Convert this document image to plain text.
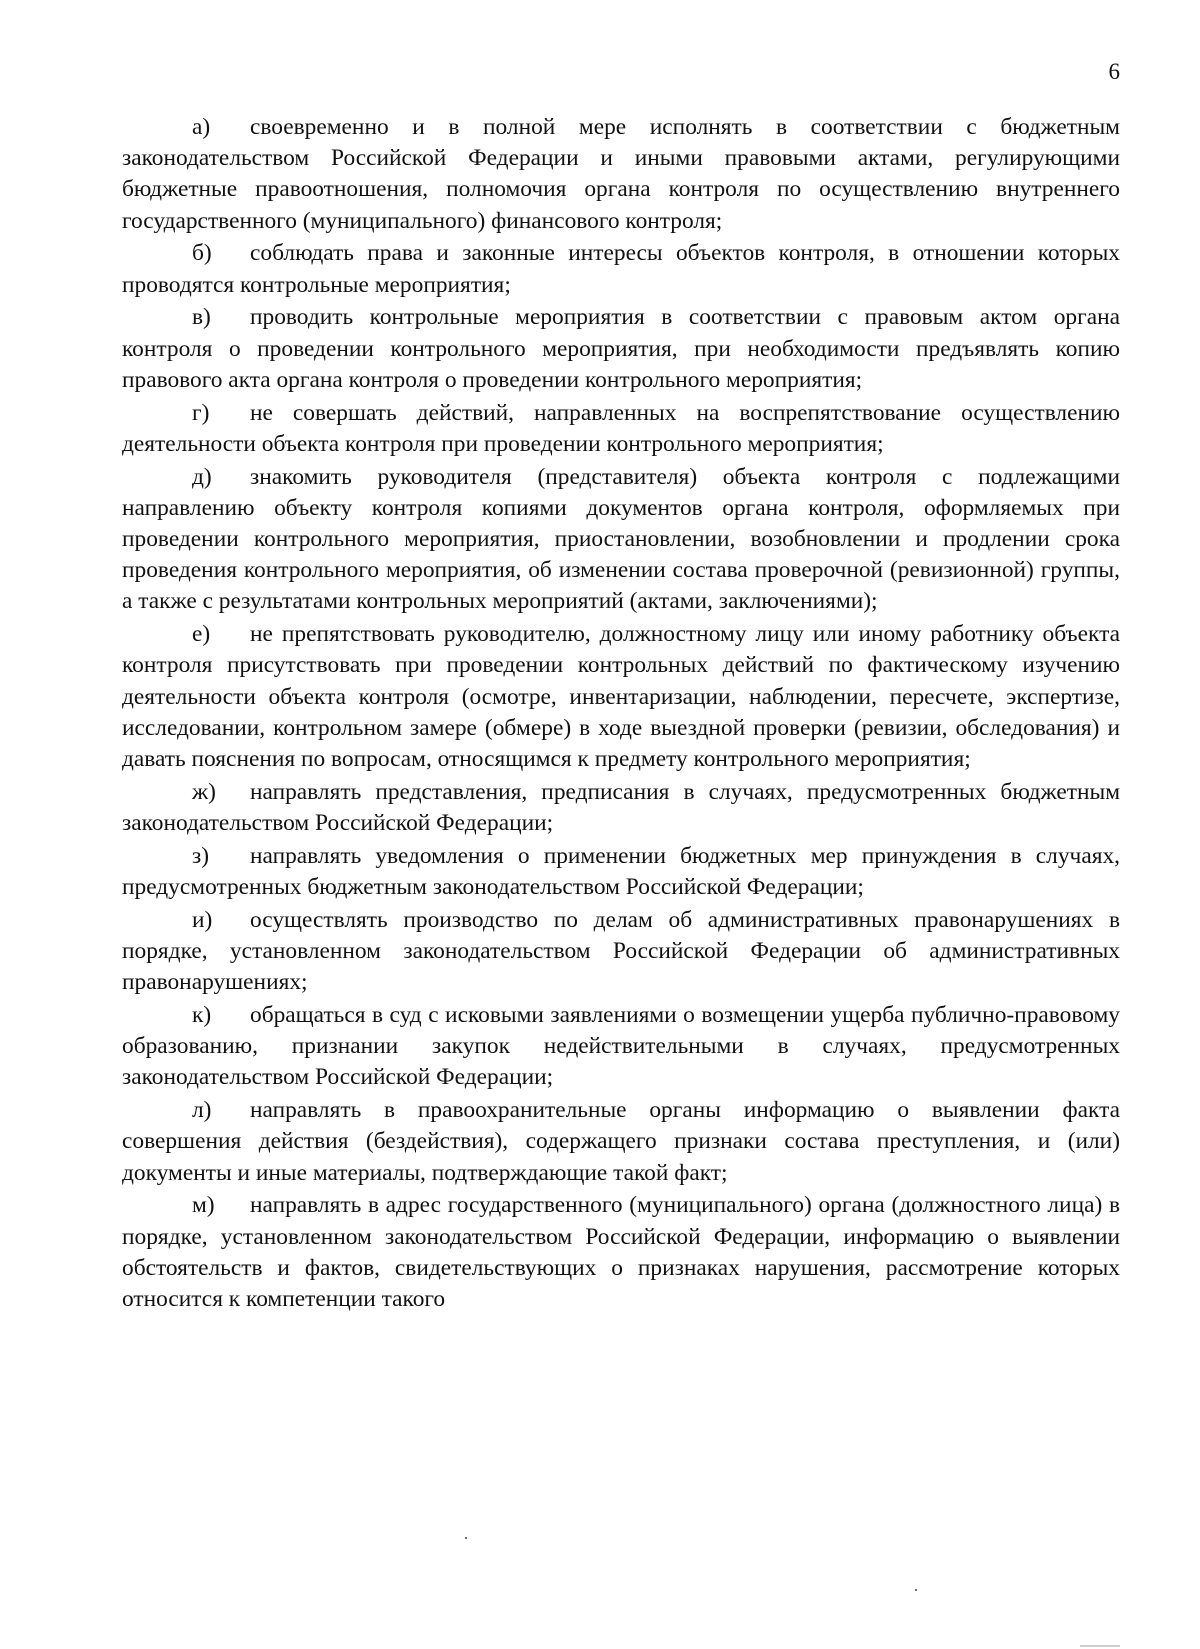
6

а) своевременно и в полной мере исполнять в соответствии с бюджетным законодательством Российской Федерации и иными правовыми актами, регулирующими бюджетные правоотношения, полномочия органа контроля по осуществлению внутреннего государственного (муниципального) финансового контроля;

б) соблюдать права и законные интересы объектов контроля, в отношении которых проводятся контрольные мероприятия;

в) проводить контрольные мероприятия в соответствии с правовым актом органа контроля о проведении контрольного мероприятия, при необходимости предъявлять копию правового акта органа контроля о проведении контрольного мероприятия;

г) не совершать действий, направленных на воспрепятствование осуществлению деятельности объекта контроля при проведении контрольного мероприятия;

д) знакомить руководителя (представителя) объекта контроля с подлежащими направлению объекту контроля копиями документов органа контроля, оформляемых при проведении контрольного мероприятия, приостановлении, возобновлении и продлении срока проведения контрольного мероприятия, об изменении состава проверочной (ревизионной) группы, а также с результатами контрольных мероприятий (актами, заключениями);

е) не препятствовать руководителю, должностному лицу или иному работнику объекта контроля присутствовать при проведении контрольных действий по фактическому изучению деятельности объекта контроля (осмотре, инвентаризации, наблюдении, пересчете, экспертизе, исследовании, контрольном замере (обмере) в ходе выездной проверки (ревизии, обследования) и давать пояснения по вопросам, относящимся к предмету контрольного мероприятия;

ж) направлять представления, предписания в случаях, предусмотренных бюджетным законодательством Российской Федерации;

з) направлять уведомления о применении бюджетных мер принуждения в случаях, предусмотренных бюджетным законодательством Российской Федерации;

и) осуществлять производство по делам об административных правонарушениях в порядке, установленном законодательством Российской Федерации об административных правонарушениях;

к) обращаться в суд с исковыми заявлениями о возмещении ущерба публично-правовому образованию, признании закупок недействительными в случаях, предусмотренных законодательством Российской Федерации;

л) направлять в правоохранительные органы информацию о выявлении факта совершения действия (бездействия), содержащего признаки состава преступления, и (или) документы и иные материалы, подтверждающие такой факт;

м) направлять в адрес государственного (муниципального) органа (должностного лица) в порядке, установленном законодательством Российской Федерации, информацию о выявлении обстоятельств и фактов, свидетельствующих о признаках нарушения, рассмотрение которых относится к компетенции такого
